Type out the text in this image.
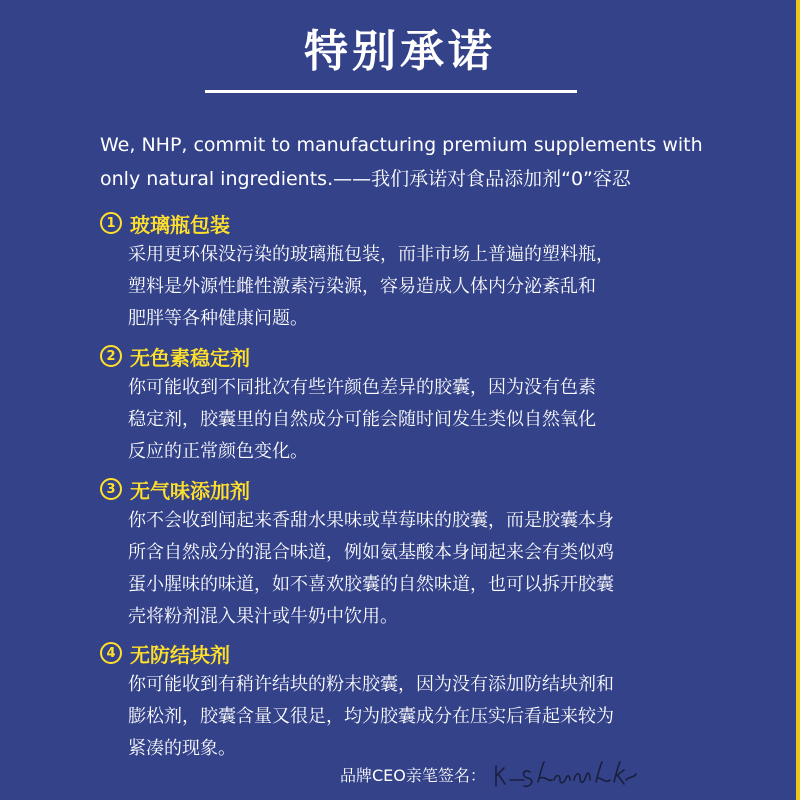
特别承诺
We, NHP, commit to manufacturing premium supplements with
only natural ingredients.——我们承诺对食品添加剂“0”容忍
1 玻璃瓶包装
采用更环保没污染的玻璃瓶包装，而非市场上普遍的塑料瓶，
塑料是外源性雌性激素污染源，容易造成人体内分泌紊乱和
肥胖等各种健康问题。
2 无色素稳定剂
你可能收到不同批次有些许颜色差异的胶囊，因为没有色素
稳定剂，胶囊里的自然成分可能会随时间发生类似自然氧化
反应的正常颜色变化。
3 无气味添加剂
你不会收到闻起来香甜水果味或草莓味的胶囊，而是胶囊本身
所含自然成分的混合味道，例如氨基酸本身闻起来会有类似鸡
蛋小腥味的味道，如不喜欢胶囊的自然味道，也可以拆开胶囊
壳将粉剂混入果汁或牛奶中饮用。
4 无防结块剂
你可能收到有稍许结块的粉末胶囊，因为没有添加防结块剂和
膨松剂，胶囊含量又很足，均为胶囊成分在压实后看起来较为
紧凑的现象。
品牌CEO亲笔签名：
